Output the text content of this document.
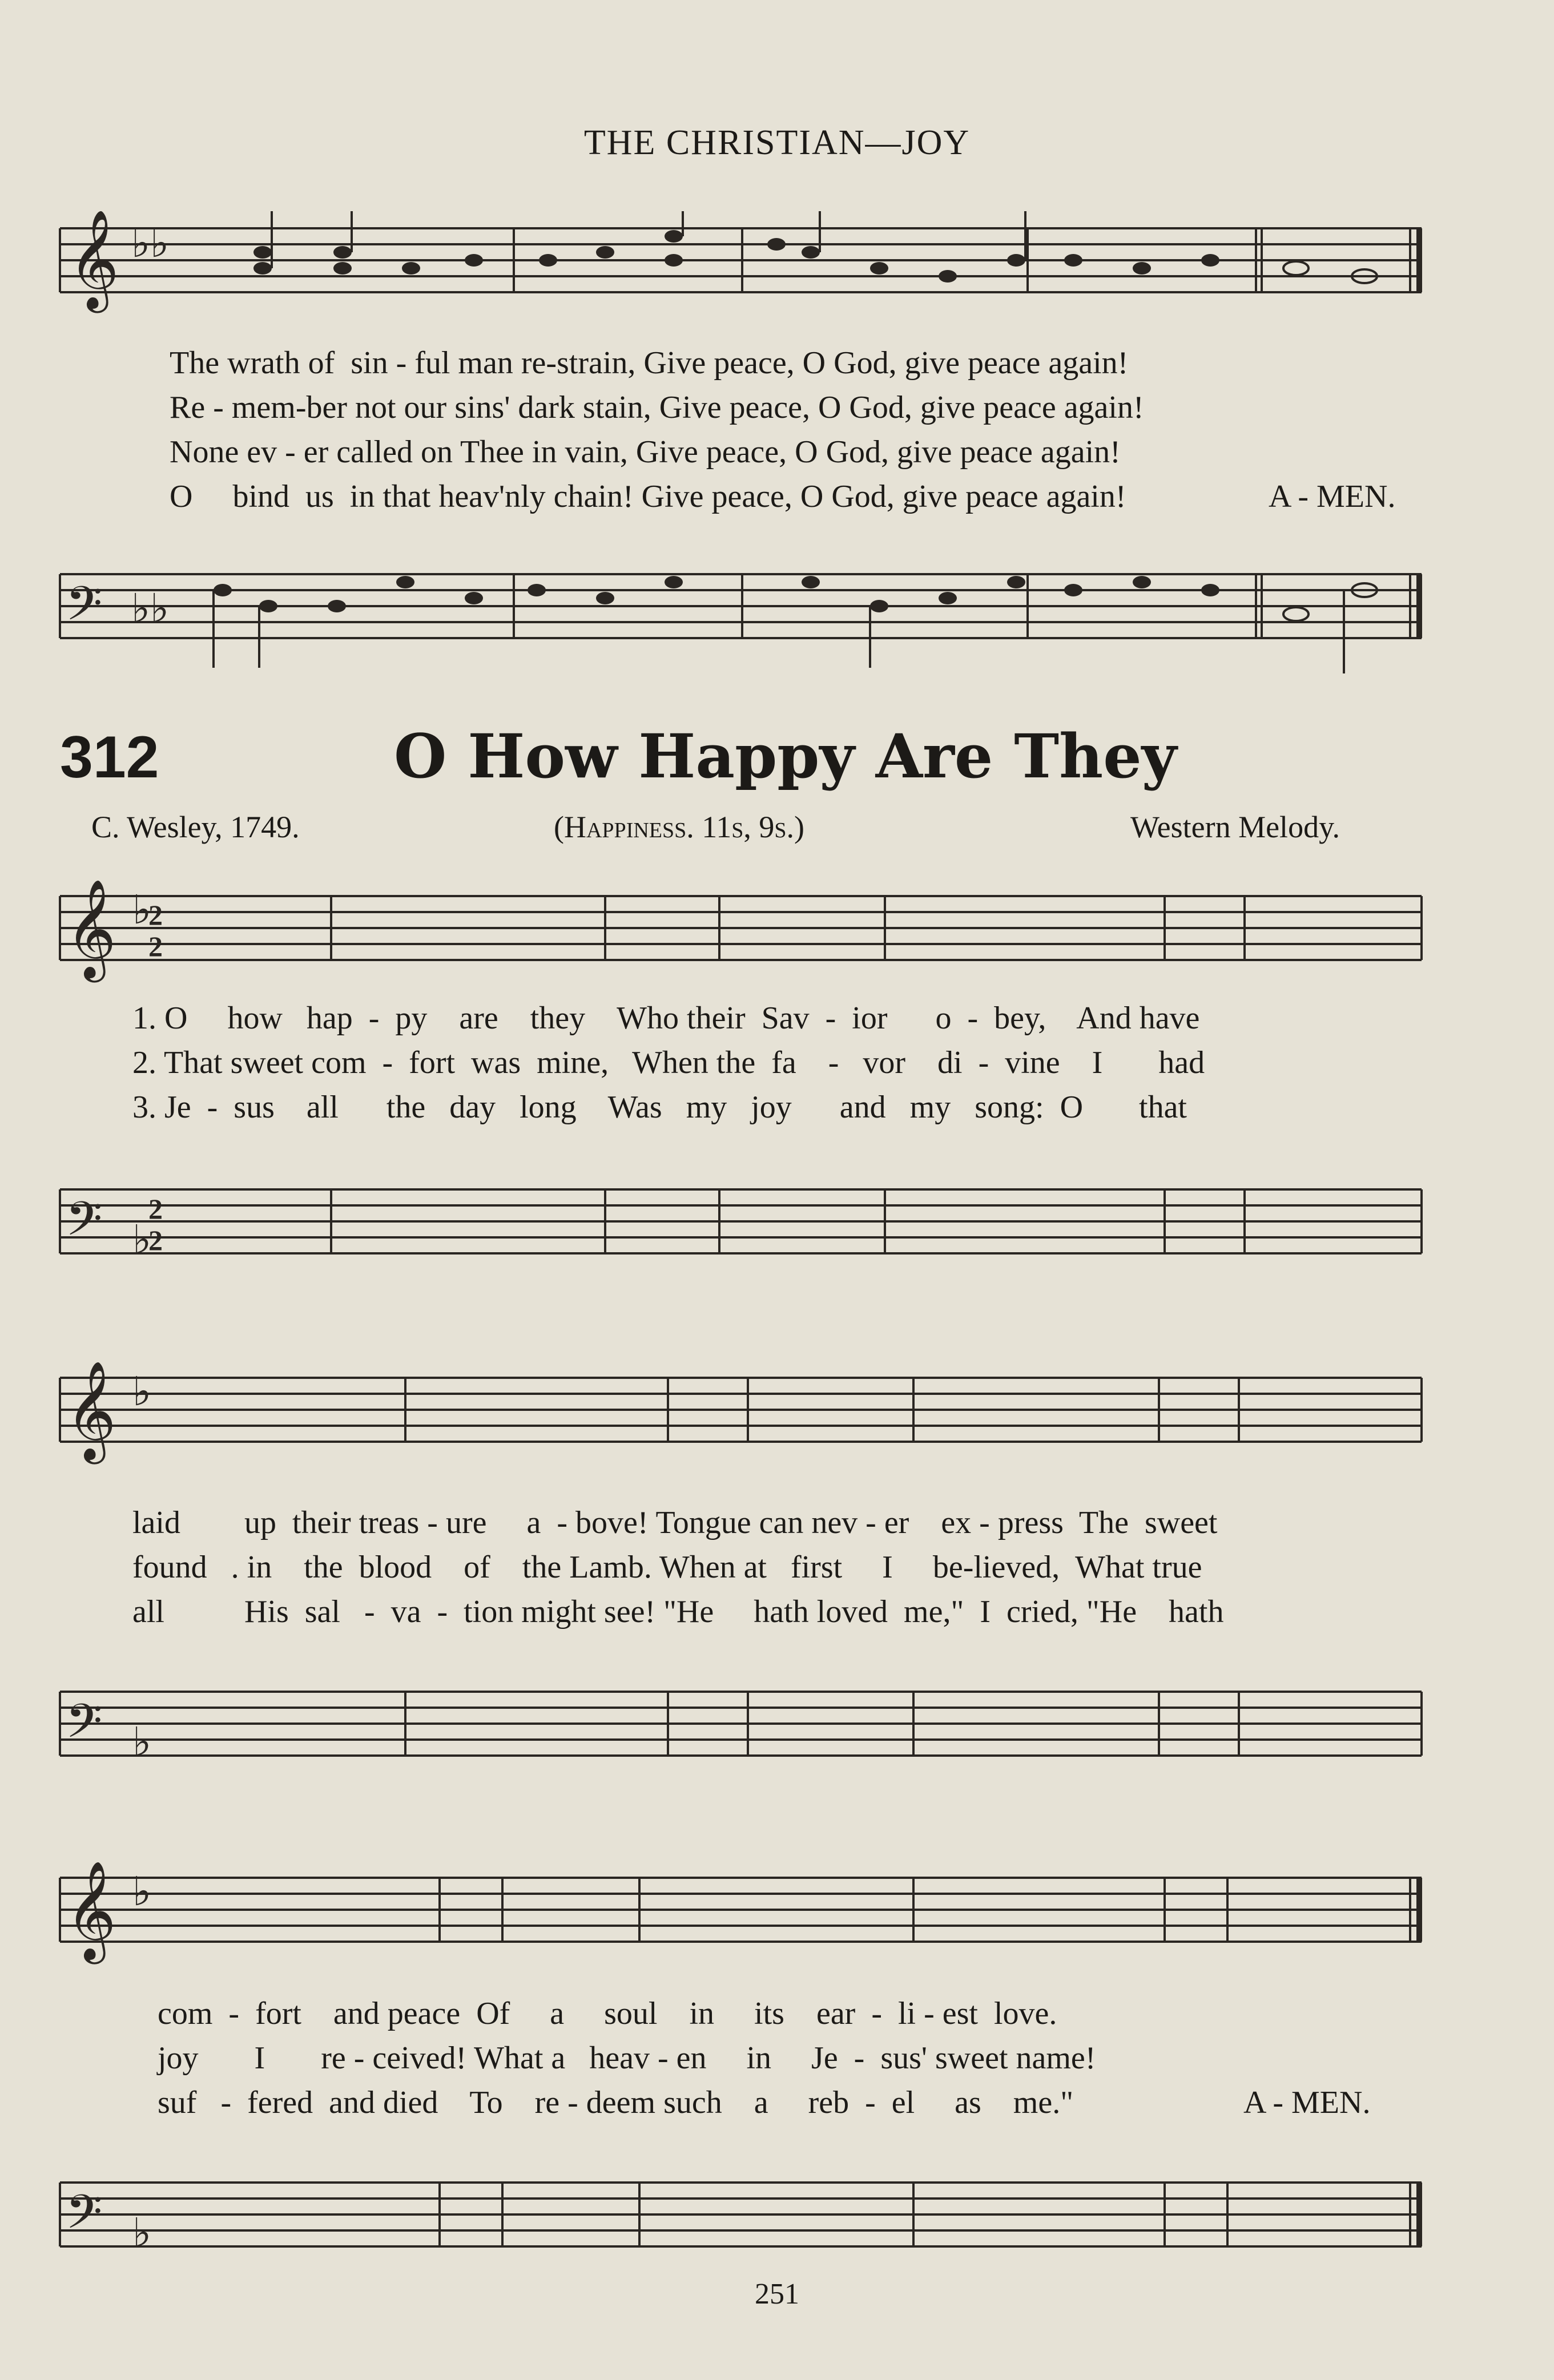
THE CHRISTIAN—JOY
𝄞 ♭♭
The wrath of  sin - ful man re-strain, Give peace, O God, give peace again!
Re - mem-ber not our sins' dark stain, Give peace, O God, give peace again!
None ev - er called on Thee in vain, Give peace, O God, give peace again!
O     bind  us  in that heav'nly chain! Give peace, O God, give peace again!	A - MEN.
𝄢 ♭♭
312	O How Happy Are They
C. Wesley, 1749.	(Happiness. 11s, 9s.)	Western Melody.
𝄞 ♭
2
2
1. O     how   hap  -  py    are    they    Who their  Sav  -  ior      o  -  bey,    And have
2. That sweet com  -  fort  was  mine,   When the  fa    -   vor    di  -  vine    I       had
3. Je  -  sus    all      the   day   long    Was   my   joy      and   my   song:  O       that
𝄢 ♭
2
2
𝄞 ♭
laid        up  their treas - ure     a  - bove! Tongue can nev - er    ex - press  The  sweet
found   . in    the  blood    of    the Lamb. When at   first     I     be-lieved,  What true
all          His  sal   -  va  -  tion might see! "He     hath loved  me,"  I  cried, "He    hath
𝄢 ♭
𝄞 ♭
com  -  fort    and peace  Of     a     soul    in     its    ear  -  li - est  love.
joy       I       re - ceived! What a   heav - en     in     Je  -  sus' sweet name!
suf   -  fered  and died    To    re - deem such    a     reb  -  el     as    me."	A - MEN.
𝄢 ♭
251
